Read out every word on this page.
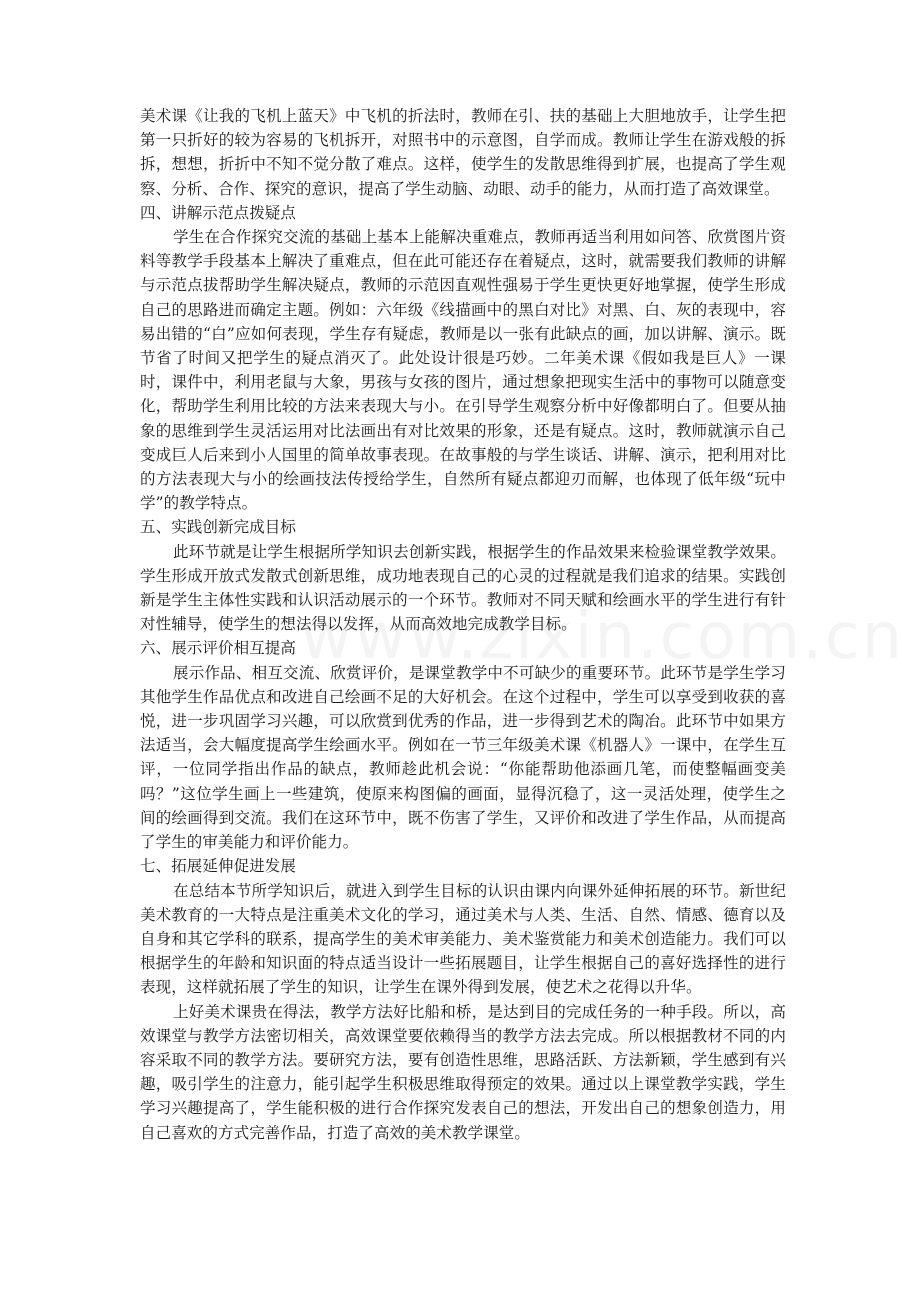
美术课《让我的飞机上蓝天》中飞机的折法时，教师在引、扶的基础上大胆地放手，让学生把第一只折好的较为容易的飞机拆开，对照书中的示意图，自学而成。教师让学生在游戏般的拆拆，想想，折折中不知不觉分散了难点。这样，使学生的发散思维得到扩展，也提高了学生观察、分析、合作、探究的意识，提高了学生动脑、动眼、动手的能力，从而打造了高效课堂。

四、讲解示范点拨疑点

学生在合作探究交流的基础上基本上能解决重难点，教师再适当利用如问答、欣赏图片资料等教学手段基本上解决了重难点，但在此可能还存在着疑点，这时，就需要我们教师的讲解与示范点拔帮助学生解决疑点，教师的示范因直观性强易于学生更快更好地掌握，使学生形成自己的思路进而确定主题。例如：六年级《线描画中的黑白对比》对黑、白、灰的表现中，容易出错的“白”应如何表现，学生存有疑虑，教师是以一张有此缺点的画，加以讲解、演示。既节省了时间又把学生的疑点消灭了。此处设计很是巧妙。二年美术课《假如我是巨人》一课时，课件中，利用老鼠与大象，男孩与女孩的图片，通过想象把现实生活中的事物可以随意变化，帮助学生利用比较的方法来表现大与小。在引导学生观察分析中好像都明白了。但要从抽象的思维到学生灵活运用对比法画出有对比效果的形象，还是有疑点。这时，教师就演示自己变成巨人后来到小人国里的简单故事表现。在故事般的与学生谈话、讲解、演示，把利用对比的方法表现大与小的绘画技法传授给学生，自然所有疑点都迎刃而解，也体现了低年级“玩中学”的教学特点。

五、实践创新完成目标

此环节就是让学生根据所学知识去创新实践，根据学生的作品效果来检验课堂教学效果。学生形成开放式发散式创新思维，成功地表现自己的心灵的过程就是我们追求的结果。实践创新是学生主体性实践和认识活动展示的一个环节。教师对不同天赋和绘画水平的学生进行有针对性辅导，使学生的想法得以发挥，从而高效地完成教学目标。

六、展示评价相互提高

展示作品、相互交流、欣赏评价，是课堂教学中不可缺少的重要环节。此环节是学生学习其他学生作品优点和改进自己绘画不足的大好机会。在这个过程中，学生可以享受到收获的喜悦，进一步巩固学习兴趣，可以欣赏到优秀的作品，进一步得到艺术的陶冶。此环节中如果方法适当，会大幅度提高学生绘画水平。例如在一节三年级美术课《机器人》一课中，在学生互评，一位同学指出作品的缺点，教师趁此机会说：“你能帮助他添画几笔，而使整幅画变美吗？”这位学生画上一些建筑，使原来构图偏的画面，显得沉稳了，这一灵活处理，使学生之间的绘画得到交流。我们在这环节中，既不伤害了学生，又评价和改进了学生作品，从而提高了学生的审美能力和评价能力。

七、拓展延伸促进发展

在总结本节所学知识后，就进入到学生目标的认识由课内向课外延伸拓展的环节。新世纪美术教育的一大特点是注重美术文化的学习，通过美术与人类、生活、自然、情感、德育以及自身和其它学科的联系，提高学生的美术审美能力、美术鉴赏能力和美术创造能力。我们可以根据学生的年龄和知识面的特点适当设计一些拓展题目，让学生根据自己的喜好选择性的进行表现，这样就拓展了学生的知识，让学生在课外得到发展，使艺术之花得以升华。

上好美术课贵在得法，教学方法好比船和桥，是达到目的完成任务的一种手段。所以，高效课堂与教学方法密切相关，高效课堂要依赖得当的教学方法去完成。所以根据教材不同的内容采取不同的教学方法。要研究方法，要有创造性思维，思路活跃、方法新颖，学生感到有兴趣，吸引学生的注意力，能引起学生积极思维取得预定的效果。通过以上课堂教学实践，学生学习兴趣提高了，学生能积极的进行合作探究发表自己的想法，开发出自己的想象创造力，用自己喜欢的方式完善作品，打造了高效的美术教学课堂。
